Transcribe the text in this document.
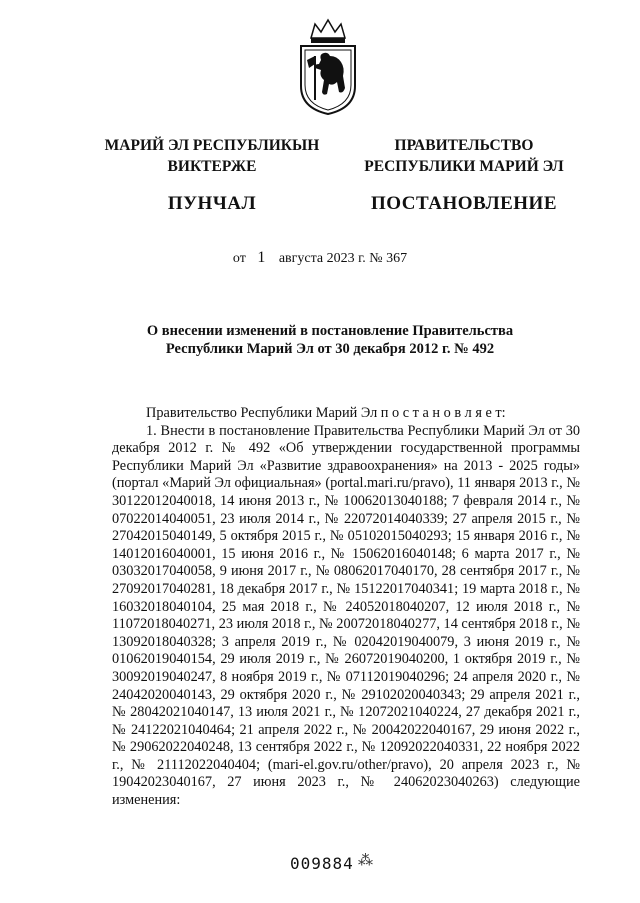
МАРИЙ ЭЛ РЕСПУБЛИКЫН
ВИКТЕРЖЕ
ПУНЧАЛ
ПРАВИТЕЛЬСТВО
РЕСПУБЛИКИ МАРИЙ ЭЛ
ПОСТАНОВЛЕНИЕ
от 1 августа 2023 г. № 367
О внесении изменений в постановление Правительства
Республики Марий Эл от 30 декабря 2012 г. № 492

Правительство Республики Марий Эл п о с т а н о в л я е т:

1. Внести в постановление Правительства Республики Марий Эл от 30 декабря 2012 г. № 492 «Об утверждении государственной программы Республики Марий Эл «Развитие здравоохранения» на 2013 - 2025 годы» (портал «Марий Эл официальная» (portal.mari.ru/pravo), 11 января 2013 г., № 30122012040018, 14 июня 2013 г., № 10062013040188; 7 февраля 2014 г., № 07022014040051, 23 июля 2014 г., № 22072014040339; 27 апреля 2015 г., № 27042015040149, 5 октября 2015 г., № 05102015040293; 15 января 2016 г., № 14012016040001, 15 июня 2016 г., № 15062016040148; 6 марта 2017 г., № 03032017040058, 9 июня 2017 г., № 08062017040170, 28 сентября 2017 г., № 27092017040281, 18 декабря 2017 г., № 15122017040341; 19 марта 2018 г., № 16032018040104, 25 мая 2018 г., № 24052018040207, 12 июля 2018 г., № 11072018040271, 23 июля 2018 г., № 20072018040277, 14 сентября 2018 г., № 13092018040328; 3 апреля 2019 г., № 02042019040079, 3 июня 2019 г., № 01062019040154, 29 июля 2019 г., № 26072019040200, 1 октября 2019 г., № 30092019040247, 8 ноября 2019 г., № 07112019040296; 24 апреля 2020 г., № 24042020040143, 29 октября 2020 г., № 29102020040343; 29 апреля 2021 г., № 28042021040147, 13 июля 2021 г., № 12072021040224, 27 декабря 2021 г., № 24122021040464; 21 апреля 2022 г., № 20042022040167, 29 июня 2022 г., № 29062022040248, 13 сентября 2022 г., № 12092022040331, 22 ноября 2022 г., № 21112022040404; (mari-el.gov.ru/other/pravo), 20 апреля 2023 г., № 19042023040167, 27 июня 2023 г., № 24062023040263) следующие изменения:

009884 ⁂
